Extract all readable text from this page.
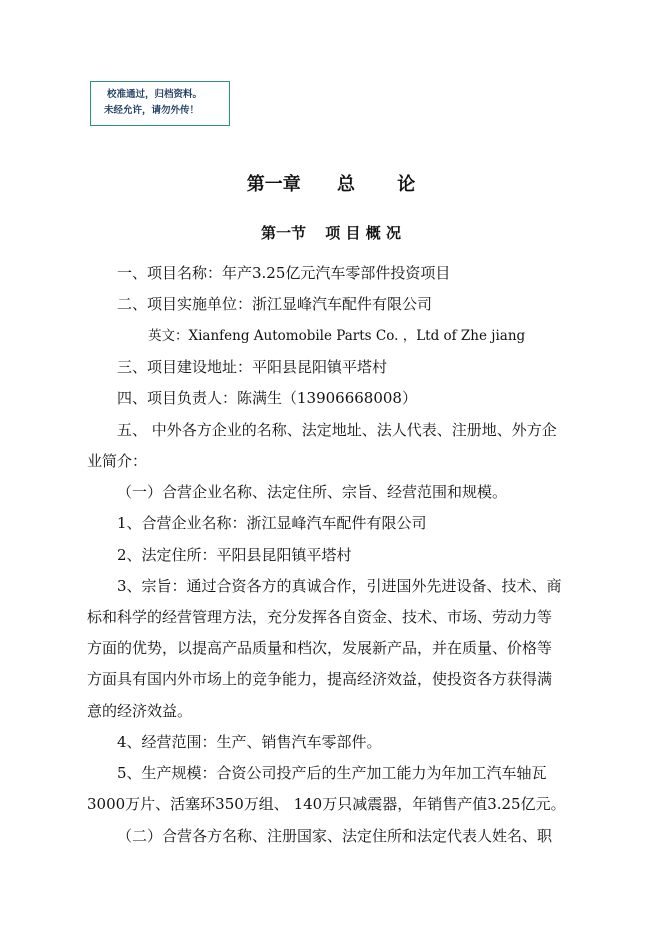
校准通过，归档资料。
未经允许，请勿外传！
第一章 总 论
第一节 项 目 概 况
一、项目名称：年产3.25亿元汽车零部件投资项目
二、项目实施单位：浙江显峰汽车配件有限公司
英文：Xianfeng Automobile Parts Co. ，Ltd of Zhe jiang
三、项目建设地址：平阳县昆阳镇平塔村
四、项目负责人：陈满生（13906668008）
五、 中外各方企业的名称、法定地址、法人代表、注册地、外方企
业简介：
（一）合营企业名称、法定住所、宗旨、经营范围和规模。
1、合营企业名称：浙江显峰汽车配件有限公司
2、法定住所：平阳县昆阳镇平塔村
3、宗旨：通过合资各方的真诚合作，引进国外先进设备、技术、商
标和科学的经营管理方法，充分发挥各自资金、技术、市场、劳动力等
方面的优势，以提高产品质量和档次，发展新产品，并在质量、价格等
方面具有国内外市场上的竞争能力，提高经济效益，使投资各方获得满
意的经济效益。
4、经营范围：生产、销售汽车零部件。
5、生产规模：合资公司投产后的生产加工能力为年加工汽车轴瓦
3000万片、活塞环350万组、 140万只减震器，年销售产值3.25亿元。
（二）合营各方名称、注册国家、法定住所和法定代表人姓名、职
